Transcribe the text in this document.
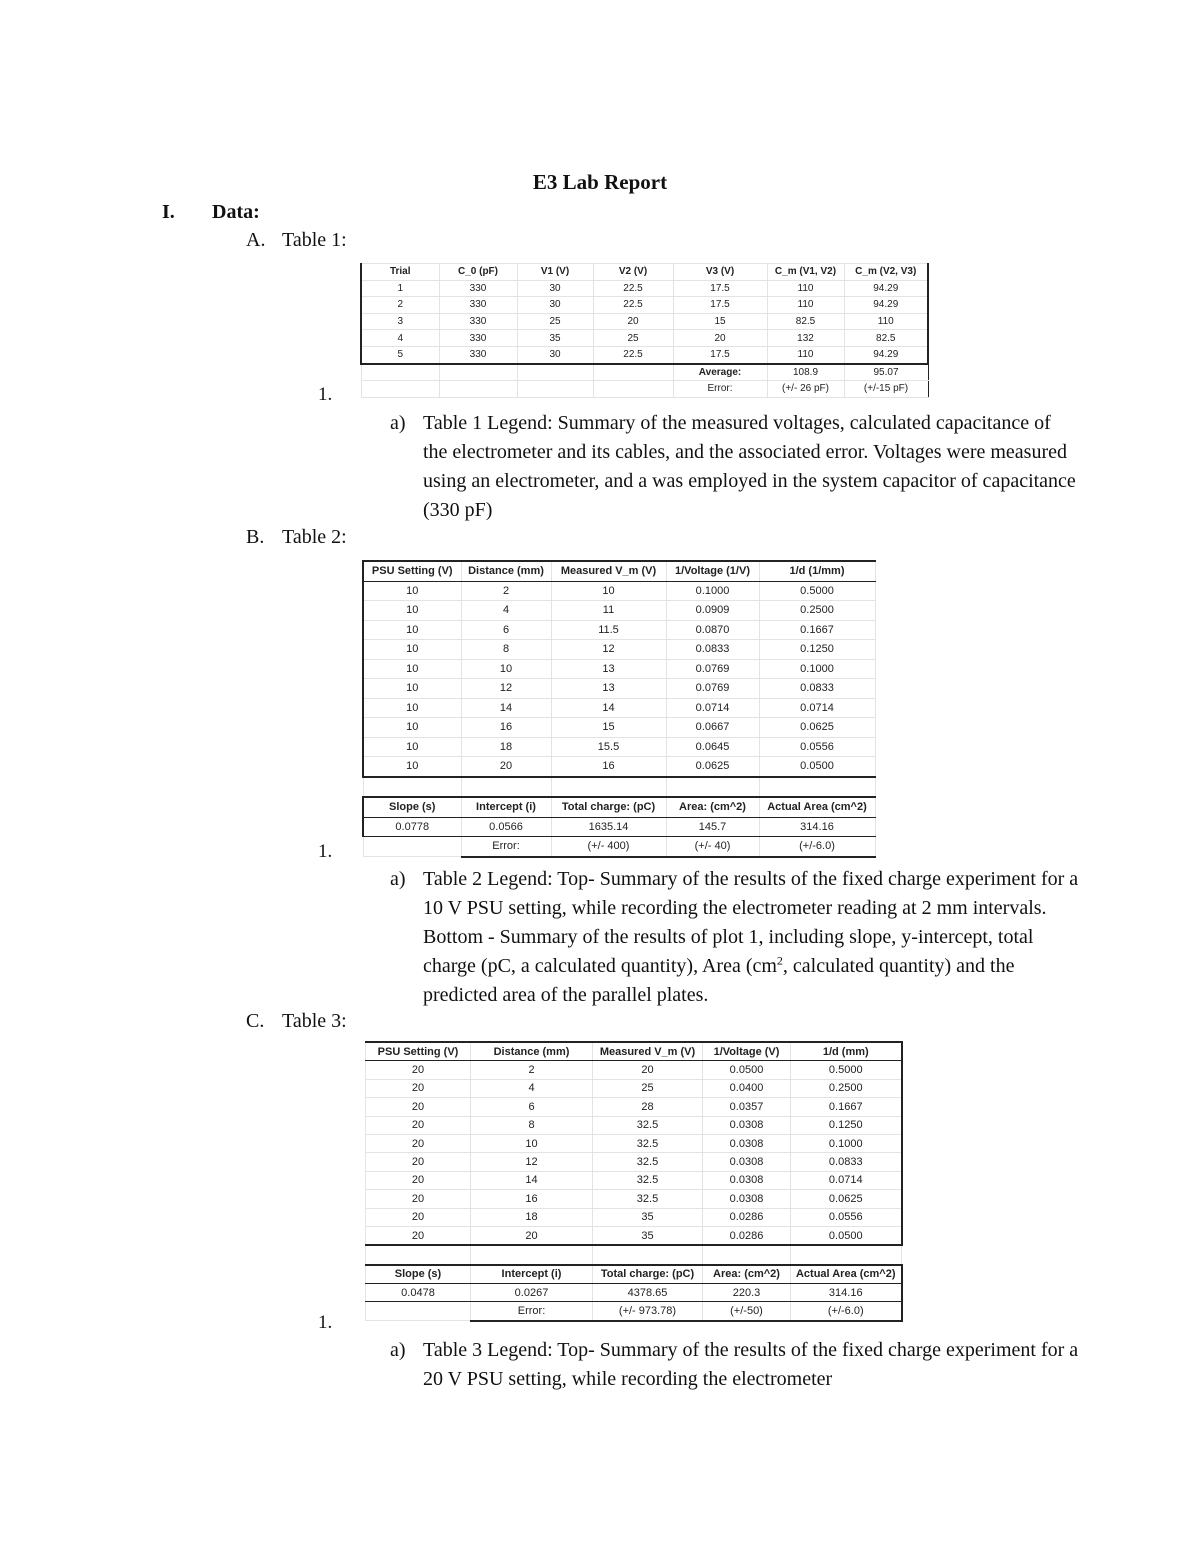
E3 Lab Report
I. Data:
A. Table 1:
Trial	C_0 (pF)	V1 (V)	V2 (V)	V3 (V)	C_m (V1, V2)	C_m (V2, V3)
1	330	30	22.5	17.5	110	94.29
2	330	30	22.5	17.5	110	94.29
3	330	25	20	15	82.5	110
4	330	35	25	20	132	82.5
5	330	30	22.5	17.5	110	94.29
				Average:	108.9	95.07
				Error:	(+/- 26 pF)	(+/-15 pF)
1.
a) Table 1 Legend: Summary of the measured voltages, calculated capacitance of the electrometer and its cables, and the associated error. Voltages were measured using an electrometer, and a was employed in the system capacitor of capacitance (330 pF)
B. Table 2:
PSU Setting (V)	Distance (mm)	Measured V_m (V)	1/Voltage (1/V)	1/d (1/mm)
10	2	10	0.1000	0.5000
10	4	11	0.0909	0.2500
10	6	11.5	0.0870	0.1667
10	8	12	0.0833	0.1250
10	10	13	0.0769	0.1000
10	12	13	0.0769	0.0833
10	14	14	0.0714	0.0714
10	16	15	0.0667	0.0625
10	18	15.5	0.0645	0.0556
10	20	16	0.0625	0.0500

Slope (s)	Intercept (i)	Total charge: (pC)	Area: (cm^2)	Actual Area (cm^2)
0.0778	0.0566	1635.14	145.7	314.16
	Error:	(+/- 400)	(+/- 40)	(+/-6.0)
1.
a) Table 2 Legend: Top- Summary of the results of the fixed charge experiment for a 10 V PSU setting, while recording the electrometer reading at 2 mm intervals. Bottom - Summary of the results of plot 1, including slope, y-intercept, total charge (pC, a calculated quantity), Area ($cm^2$, calculated quantity) and the predicted area of the parallel plates.
C. Table 3:
PSU Setting (V)	Distance (mm)	Measured V_m (V)	1/Voltage (V)	1/d (mm)
20	2	20	0.0500	0.5000
20	4	25	0.0400	0.2500
20	6	28	0.0357	0.1667
20	8	32.5	0.0308	0.1250
20	10	32.5	0.0308	0.1000
20	12	32.5	0.0308	0.0833
20	14	32.5	0.0308	0.0714
20	16	32.5	0.0308	0.0625
20	18	35	0.0286	0.0556
20	20	35	0.0286	0.0500

Slope (s)	Intercept (i)	Total charge: (pC)	Area: (cm^2)	Actual Area (cm^2)
0.0478	0.0267	4378.65	220.3	314.16
	Error:	(+/- 973.78)	(+/-50)	(+/-6.0)
1.
a) Table 3 Legend: Top- Summary of the results of the fixed charge experiment for a 20 V PSU setting, while recording the electrometer
